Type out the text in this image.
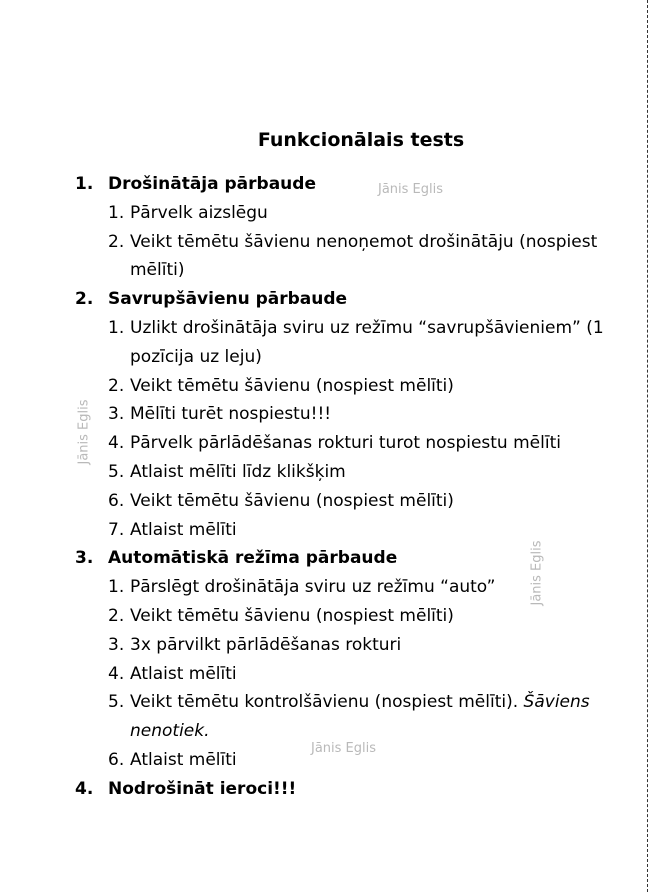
Funkcionālais tests
1. Drošinātāja pārbaude
1. Pārvelk aizslēgu
2. Veikt tēmētu šāvienu nenoņemot drošinātāju (nospiest mēlīti)
2. Savrupšāvienu pārbaude
1. Uzlikt drošinātāja sviru uz režīmu “savrupšāvieniem” (1 pozīcija uz leju)
2. Veikt tēmētu šāvienu (nospiest mēlīti)
3. Mēlīti turēt nospiestu!!!
4. Pārvelk pārlādēšanas rokturi turot nospiestu mēlīti
5. Atlaist mēlīti līdz klikšķim
6. Veikt tēmētu šāvienu (nospiest mēlīti)
7. Atlaist mēlīti
3. Automātiskā režīma pārbaude
1. Pārslēgt drošinātāja sviru uz režīmu “auto”
2. Veikt tēmētu šāvienu (nospiest mēlīti)
3. 3x pārvilkt pārlādēšanas rokturi
4. Atlaist mēlīti
5. Veikt tēmētu kontrolšāvienu (nospiest mēlīti). Šāviens nenotiek.
6. Atlaist mēlīti
4. Nodrošināt ieroci!!!
Jānis Eglis
Jānis Eglis
Jānis Eglis
Jānis Eglis
